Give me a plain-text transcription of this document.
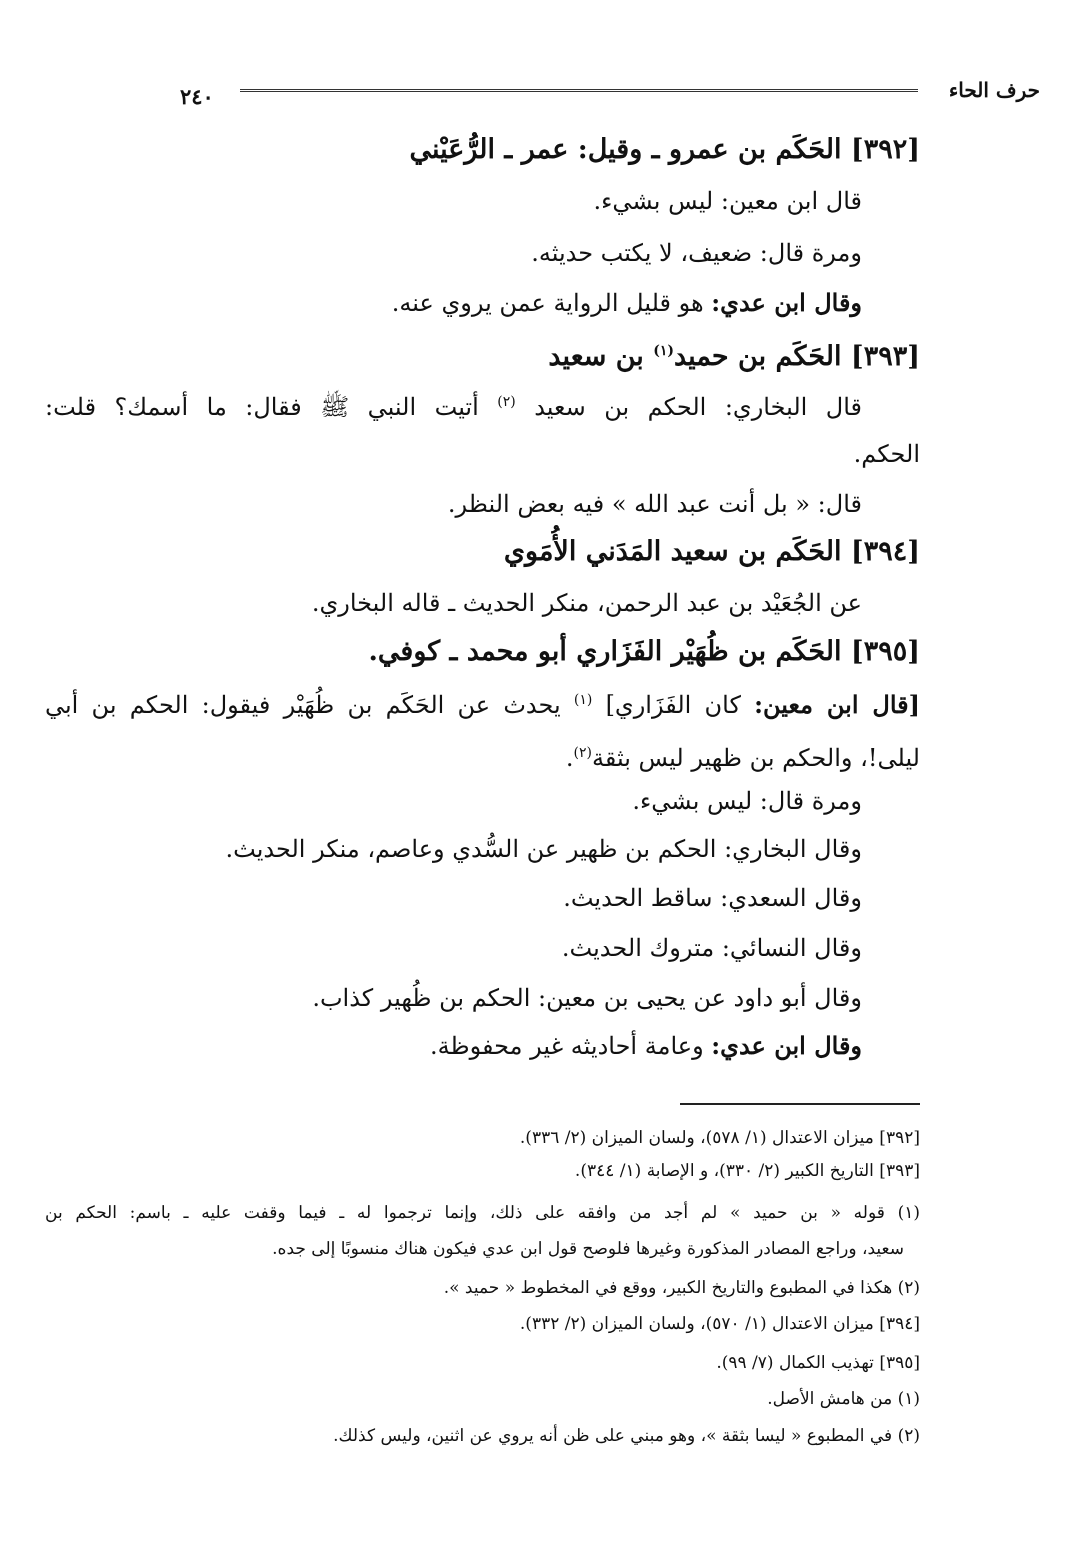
حرف الحاء
٢٤٠
[٣٩٢] الحَكَم بن عمرو ـ وقيل: عمر ـ الرُّعَيْني
قال ابن معين: ليس بشيء.
ومرة قال: ضعيف، لا يكتب حديثه.
وقال ابن عدي: هو قليل الرواية عمن يروي عنه.
[٣٩٣] الحَكَم بن حميد$^{(١)}$ بن سعيد
قال البخاري: الحكم بن سعيد $^{(٢)}$ أتيت النبي ﷺ فقال: ما أسمك؟ قلت:
الحكم.
قال: « بل أنت عبد الله » فيه بعض النظر.
[٣٩٤] الحَكَم بن سعيد المَدَني الأُمَوي
عن الجُعَيْد بن عبد الرحمن، منكر الحديث ـ قاله البخاري.
[٣٩٥] الحَكَم بن ظُهَيْر الفَزَاري أبو محمد ـ كوفي.
[قال ابن معين: كان الفَزَاري] $^{(١)}$ يحدث عن الحَكَم بن ظُهَيْر فيقول: الحكم بن أبي
ليلى!، والحكم بن ظهير ليس بثقة$^{(٢)}$.
ومرة قال: ليس بشيء.
وقال البخاري: الحكم بن ظهير عن السُّدي وعاصم، منكر الحديث.
وقال السعدي: ساقط الحديث.
وقال النسائي: متروك الحديث.
وقال أبو داود عن يحيى بن معين: الحكم بن ظُهير كذاب.
وقال ابن عدي: وعامة أحاديثه غير محفوظة.
[٣٩٢] ميزان الاعتدال (١/ ٥٧٨)، ولسان الميزان (٢/ ٣٣٦).
[٣٩٣] التاريخ الكبير (٢/ ٣٣٠)، و الإصابة (١/ ٣٤٤).
(١) قوله « بن حميد » لم أجد من وافقه على ذلك، وإنما ترجموا له ـ فيما وقفت عليه ـ باسم: الحكم بن
سعيد، وراجع المصادر المذكورة وغيرها فلوصح قول ابن عدي فيكون هناك منسوبًا إلى جده.
(٢) هكذا في المطبوع والتاريخ الكبير، ووقع في المخطوط « حميد ».
[٣٩٤] ميزان الاعتدال (١/ ٥٧٠)، ولسان الميزان (٢/ ٣٣٢).
[٣٩٥] تهذيب الكمال (٧/ ٩٩).
(١) من هامش الأصل.
(٢) في المطبوع « ليسا بثقة »، وهو مبني على ظن أنه يروي عن اثنين، وليس كذلك.
